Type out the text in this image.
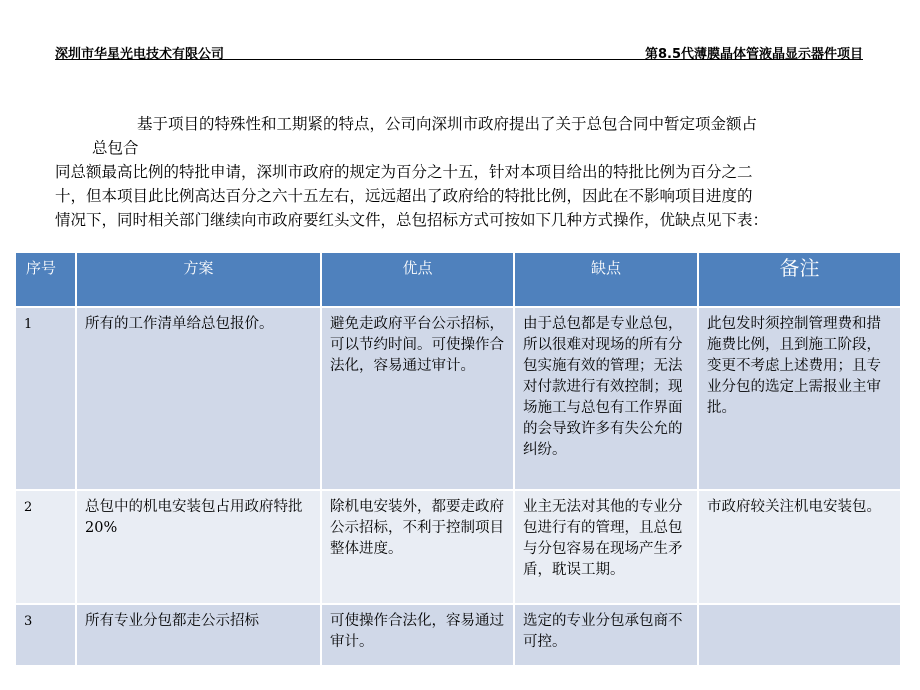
深圳市华星光电技术有限公司	第8.5代薄膜晶体管液晶显示器件项目
基于项目的特殊性和工期紧的特点，公司向深圳市政府提出了关于总包合同中暂定项金额占
总包合
同总额最高比例的特批申请，深圳市政府的规定为百分之十五，针对本项目给出的特批比例为百分之二
十，但本项目此比例高达百分之六十五左右，远远超出了政府给的特批比例，因此在不影响项目进度的
情况下，同时相关部门继续向市政府要红头文件，总包招标方式可按如下几种方式操作，优缺点见下表：
序号	方案	优点	缺点	备注
1	所有的工作清单给总包报价。	避免走政府平台公示招标，可以节约时间。可使操作合法化，容易通过审计。	由于总包都是专业总包，所以很难对现场的所有分包实施有效的管理；无法对付款进行有效控制；现场施工与总包有工作界面的会导致许多有失公允的纠纷。	此包发时须控制管理费和措施费比例，且到施工阶段，变更不考虑上述费用；且专业分包的选定上需报业主审批。
2	总包中的机电安装包占用政府特批20%	除机电安装外，都要走政府公示招标，不利于控制项目整体进度。	业主无法对其他的专业分包进行有的管理，且总包与分包容易在现场产生矛盾，耽误工期。	市政府较关注机电安装包。
3	所有专业分包都走公示招标	可使操作合法化，容易通过审计。	选定的专业分包承包商不可控。	
